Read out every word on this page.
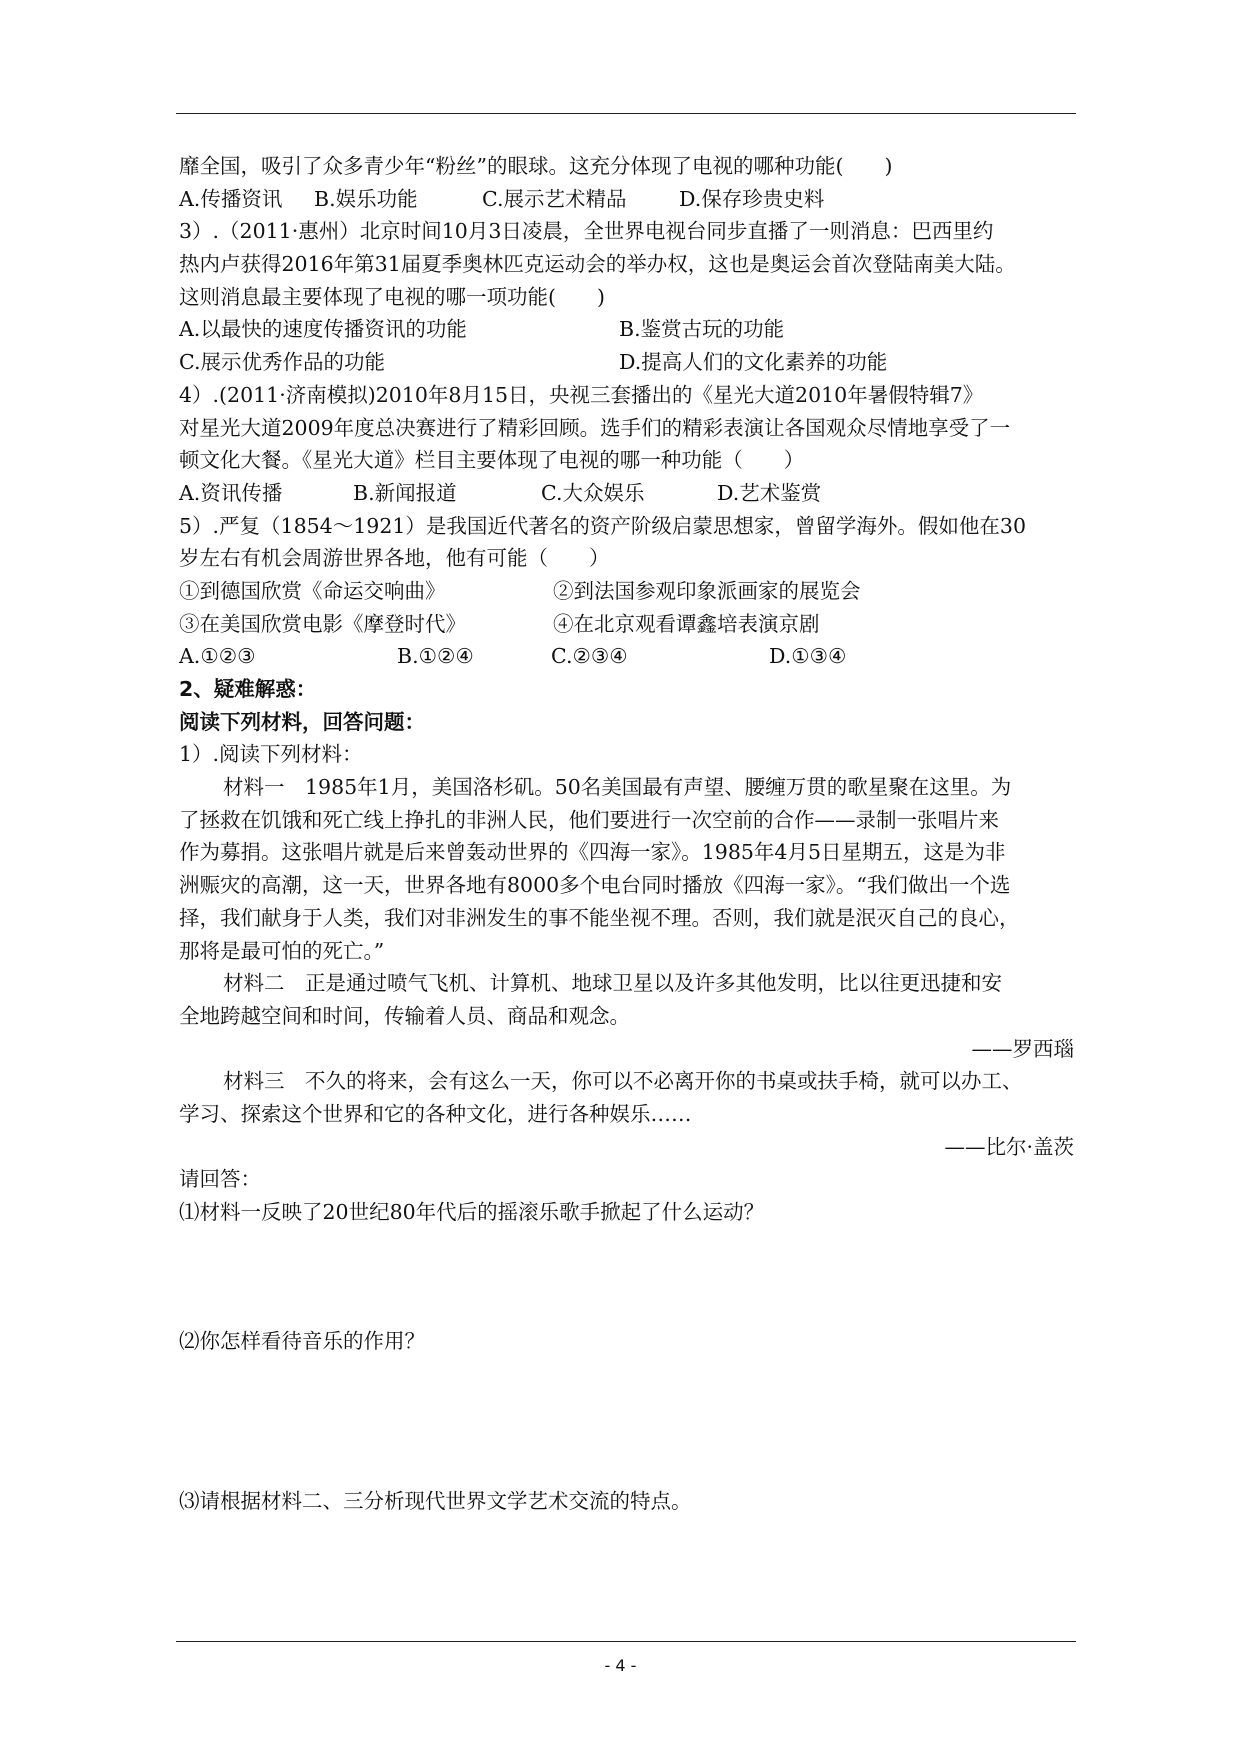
靡全国，吸引了众多青少年“粉丝”的眼球。这充分体现了电视的哪种功能(　　)
A.传播资讯 B.娱乐功能	C.展示艺术精品	D.保存珍贵史料
3）.（2011·惠州）北京时间10月3日凌晨，全世界电视台同步直播了一则消息：巴西里约
热内卢获得2016年第31届夏季奥林匹克运动会的举办权，这也是奥运会首次登陆南美大陆。
这则消息最主要体现了电视的哪一项功能(　　)
A.以最快的速度传播资讯的功能	B.鉴赏古玩的功能
C.展示优秀作品的功能	D.提高人们的文化素养的功能
4）.(2011·济南模拟)2010年8月15日，央视三套播出的《星光大道2010年暑假特辑7》
对星光大道2009年度总决赛进行了精彩回顾。选手们的精彩表演让各国观众尽情地享受了一
顿文化大餐。《星光大道》栏目主要体现了电视的哪一种功能（　　）
A.资讯传播	B.新闻报道	C.大众娱乐	D.艺术鉴赏
5）.严复（1854～1921）是我国近代著名的资产阶级启蒙思想家，曾留学海外。假如他在30
岁左右有机会周游世界各地，他有可能（　　）
①到德国欣赏《命运交响曲》	②到法国参观印象派画家的展览会
③在美国欣赏电影《摩登时代》	④在北京观看谭鑫培表演京剧
A.①②③	B.①②④	C.②③④	D.①③④
2、疑难解惑：
阅读下列材料，回答问题：
1）.阅读下列材料：
材料一　1985年1月，美国洛杉矶。50名美国最有声望、腰缠万贯的歌星聚在这里。为
了拯救在饥饿和死亡线上挣扎的非洲人民，他们要进行一次空前的合作——录制一张唱片来
作为募捐。这张唱片就是后来曾轰动世界的《四海一家》。1985年4月5日星期五，这是为非
洲赈灾的高潮，这一天，世界各地有8000多个电台同时播放《四海一家》。“我们做出一个选
择，我们献身于人类，我们对非洲发生的事不能坐视不理。否则，我们就是泯灭自己的良心，
那将是最可怕的死亡。”
材料二　正是通过喷气飞机、计算机、地球卫星以及许多其他发明，比以往更迅捷和安
全地跨越空间和时间，传输着人员、商品和观念。
——罗西瑙
材料三　不久的将来，会有这么一天，你可以不必离开你的书桌或扶手椅，就可以办工、
学习、探索这个世界和它的各种文化，进行各种娱乐……
——比尔·盖茨
请回答：
⑴材料一反映了20世纪80年代后的摇滚乐歌手掀起了什么运动？
⑵你怎样看待音乐的作用？
⑶请根据材料二、三分析现代世界文学艺术交流的特点。
- 4 -
